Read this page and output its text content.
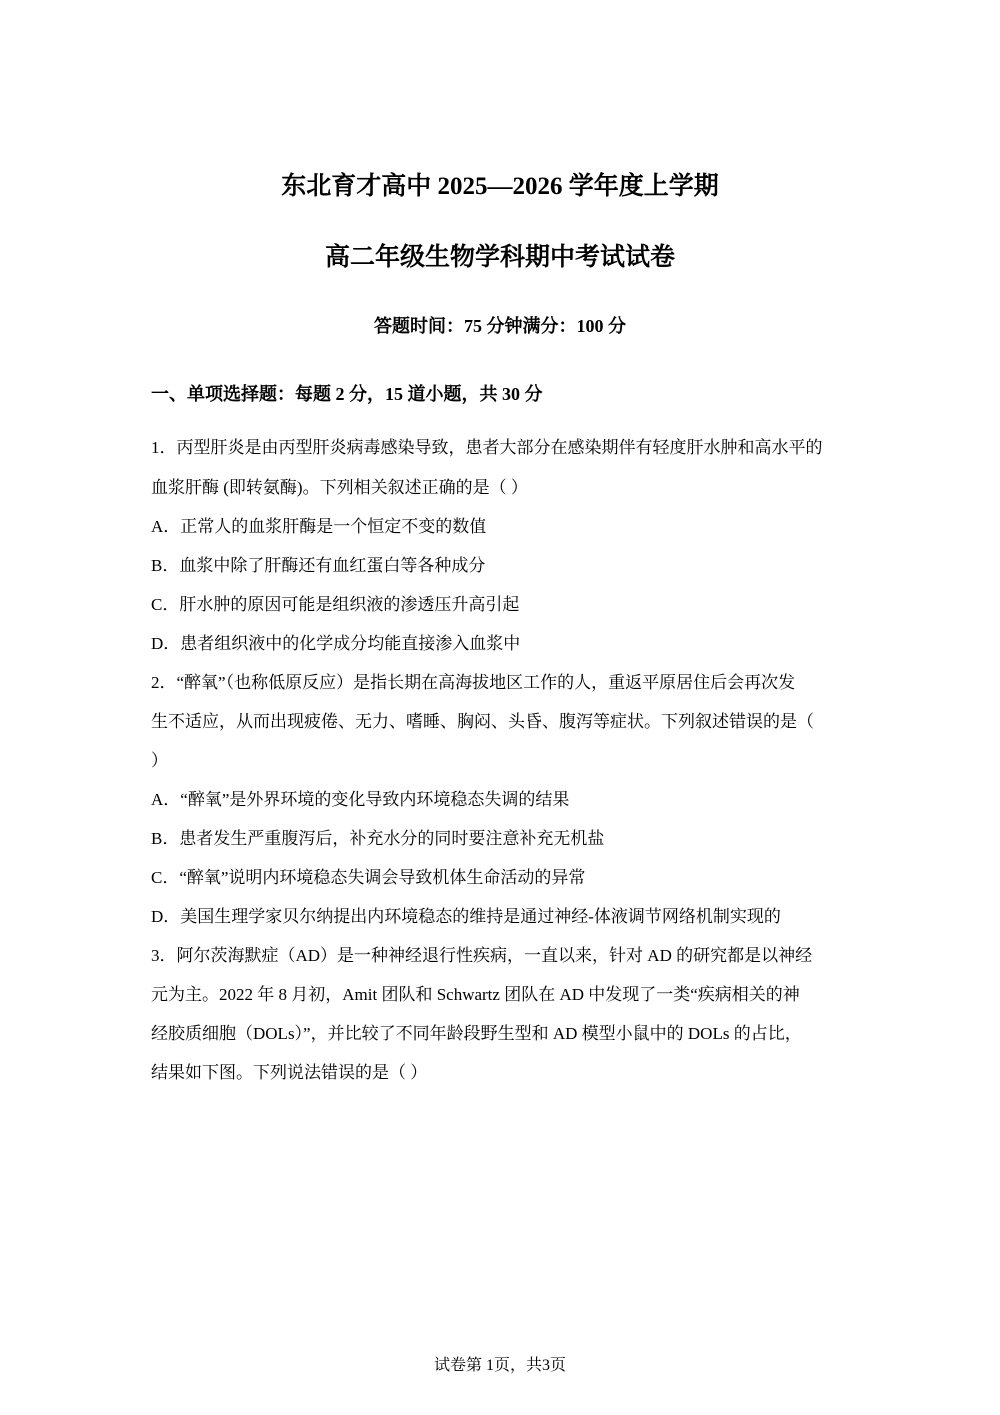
东北育才高中 2025—2026 学年度上学期
高二年级生物学科期中考试试卷
答题时间：75 分钟满分：100 分
一、单项选择题：每题 2 分，15 道小题，共 30 分
1．丙型肝炎是由丙型肝炎病毒感染导致，患者大部分在感染期伴有轻度肝水肿和高水平的
血浆肝酶 (即转氨酶)。下列相关叙述正确的是（ ）
A．正常人的血浆肝酶是一个恒定不变的数值
B．血浆中除了肝酶还有血红蛋白等各种成分
C．肝水肿的原因可能是组织液的渗透压升高引起
D．患者组织液中的化学成分均能直接渗入血浆中
2．“醉氧”（也称低原反应）是指长期在高海拔地区工作的人，重返平原居住后会再次发
生不适应，从而出现疲倦、无力、嗜睡、胸闷、头昏、腹泻等症状。下列叙述错误的是（
）
A．“醉氧”是外界环境的变化导致内环境稳态失调的结果
B．患者发生严重腹泻后，补充水分的同时要注意补充无机盐
C．“醉氧”说明内环境稳态失调会导致机体生命活动的异常
D．美国生理学家贝尔纳提出内环境稳态的维持是通过神经-体液调节网络机制实现的
3．阿尔茨海默症（AD）是一种神经退行性疾病，一直以来，针对 AD 的研究都是以神经
元为主。2022 年 8 月初，Amit 团队和 Schwartz 团队在 AD 中发现了一类“疾病相关的神
经胶质细胞（DOLs）”，并比较了不同年龄段野生型和 AD 模型小鼠中的 DOLs 的占比，
结果如下图。下列说法错误的是（ ）
试卷第 1页，共3页
